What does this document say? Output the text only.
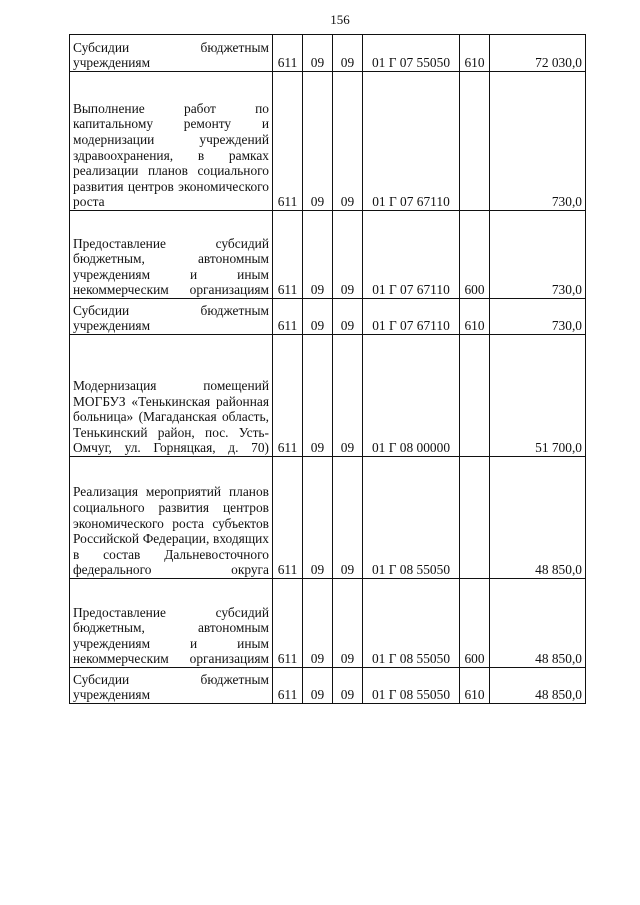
156
Субсидии бюджетным учреждениям	611	09	09	01 Г 07 55050	610	72 030,0
Выполнение работ по капитальному ремонту и модернизации учреждений здравоохранения, в рамках реализации планов социального развития центров экономического роста	611	09	09	01 Г 07 67110		730,0
Предоставление субсидий бюджетным, автономным учреждениям и иным некоммерческим организациям	611	09	09	01 Г 07 67110	600	730,0
Субсидии бюджетным учреждениям	611	09	09	01 Г 07 67110	610	730,0
Модернизация помещений МОГБУЗ «Тенькинская районная больница» (Магаданская область, Тенькинский район, пос. Усть-Омчуг, ул. Горняцкая, д. 70)	611	09	09	01 Г 08 00000		51 700,0
Реализация мероприятий планов социального развития центров экономического роста субъектов Российской Федерации, входящих в состав Дальневосточного федерального округа	611	09	09	01 Г 08 55050		48 850,0
Предоставление субсидий бюджетным, автономным учреждениям и иным некоммерческим организациям	611	09	09	01 Г 08 55050	600	48 850,0
Субсидии бюджетным учреждениям	611	09	09	01 Г 08 55050	610	48 850,0
